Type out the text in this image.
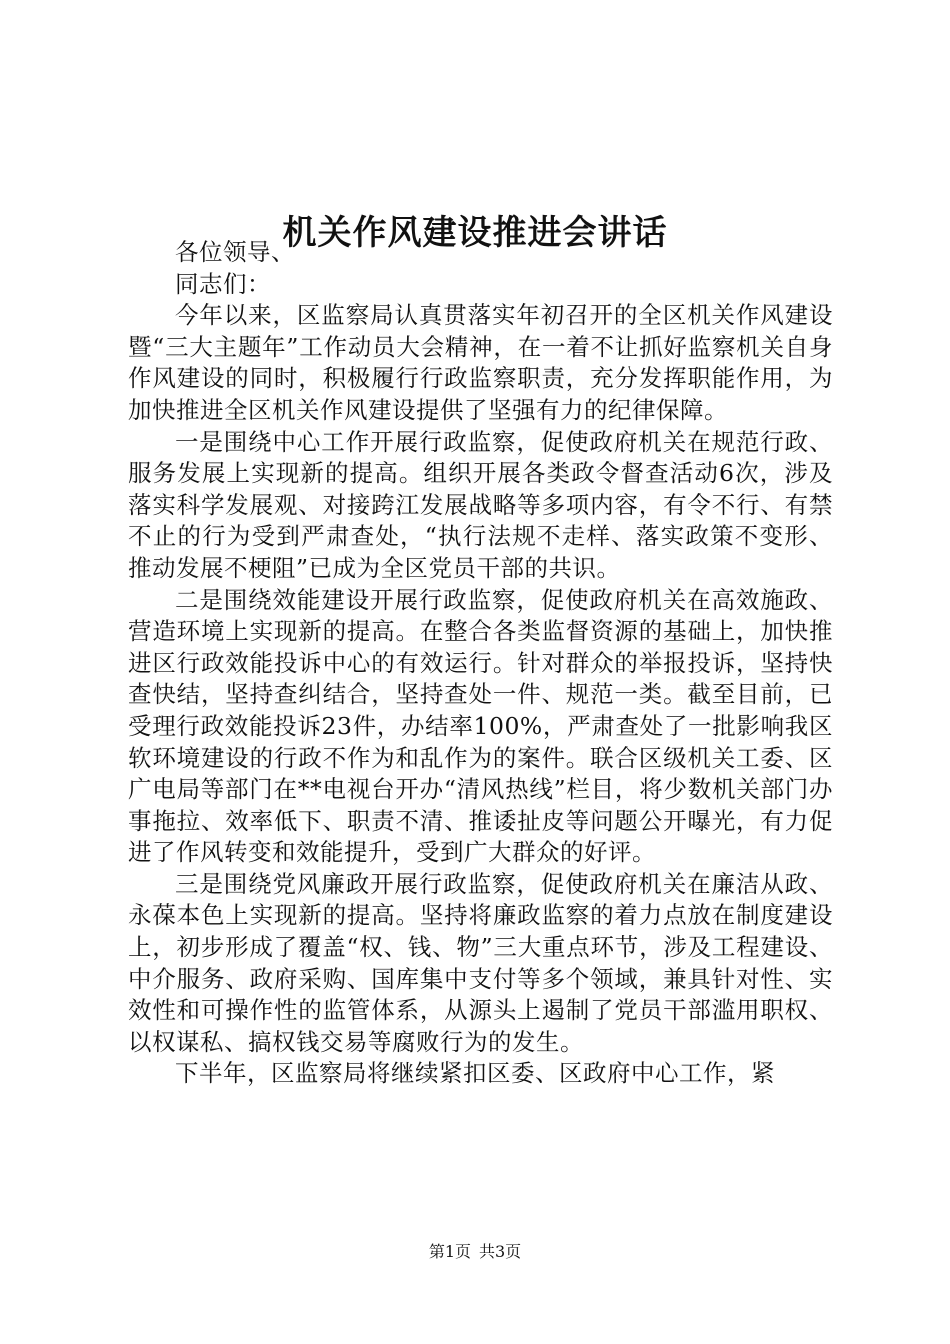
机关作风建设推进会讲话

各位领导、

同志们：

今年以来，区监察局认真贯落实年初召开的全区机关作风建设暨“三大主题年”工作动员大会精神，在一着不让抓好监察机关自身作风建设的同时，积极履行行政监察职责，充分发挥职能作用，为加快推进全区机关作风建设提供了坚强有力的纪律保障。

一是围绕中心工作开展行政监察，促使政府机关在规范行政、服务发展上实现新的提高。组织开展各类政令督查活动6次，涉及落实科学发展观、对接跨江发展战略等多项内容，有令不行、有禁不止的行为受到严肃查处，“执行法规不走样、落实政策不变形、推动发展不梗阻”已成为全区党员干部的共识。

二是围绕效能建设开展行政监察，促使政府机关在高效施政、营造环境上实现新的提高。在整合各类监督资源的基础上，加快推进区行政效能投诉中心的有效运行。针对群众的举报投诉，坚持快查快结，坚持查纠结合，坚持查处一件、规范一类。截至目前，已受理行政效能投诉23件，办结率100%，严肃查处了一批影响我区软环境建设的行政不作为和乱作为的案件。联合区级机关工委、区广电局等部门在**电视台开办“清风热线”栏目，将少数机关部门办事拖拉、效率低下、职责不清、推诿扯皮等问题公开曝光，有力促进了作风转变和效能提升，受到广大群众的好评。

三是围绕党风廉政开展行政监察，促使政府机关在廉洁从政、永葆本色上实现新的提高。坚持将廉政监察的着力点放在制度建设上，初步形成了覆盖“权、钱、物”三大重点环节，涉及工程建设、中介服务、政府采购、国库集中支付等多个领域，兼具针对性、实效性和可操作性的监管体系，从源头上遏制了党员干部滥用职权、以权谋私、搞权钱交易等腐败行为的发生。

下半年，区监察局将继续紧扣区委、区政府中心工作，紧

第1页 共3页
